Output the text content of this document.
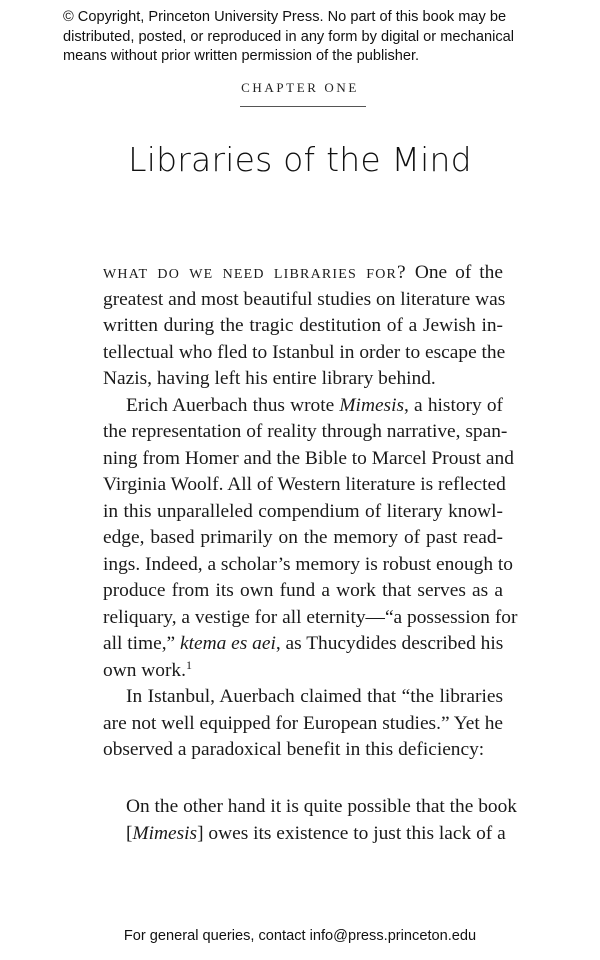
© Copyright, Princeton University Press. No part of this book may be
distributed, posted, or reproduced in any form by digital or mechanical
means without prior written permission of the publisher.
CHAPTER ONE
Libraries of the Mind
what do we need libraries for? One of the
greatest and most beautiful studies on literature was
written during the tragic destitution of a Jewish in-
tellectual who fled to Istanbul in order to escape the
Nazis, having left his entire library behind.
Erich Auerbach thus wrote Mimesis, a history of
the representation of reality through narrative, span-
ning from Homer and the Bible to Marcel Proust and
Virginia Woolf. All of Western literature is reflected
in this unparalleled compendium of literary knowl-
edge, based primarily on the memory of past read-
ings. Indeed, a scholar’s memory is robust enough to
produce from its own fund a work that serves as a
reliquary, a vestige for all eternity—“a possession for
all time,” ktema es aei, as Thucydides described his
own work.$^1$
In Istanbul, Auerbach claimed that “the libraries
are not well equipped for European studies.” Yet he
observed a paradoxical benefit in this deficiency:
On the other hand it is quite possible that the book
[Mimesis] owes its existence to just this lack of a
For general queries, contact info@press.princeton.edu
